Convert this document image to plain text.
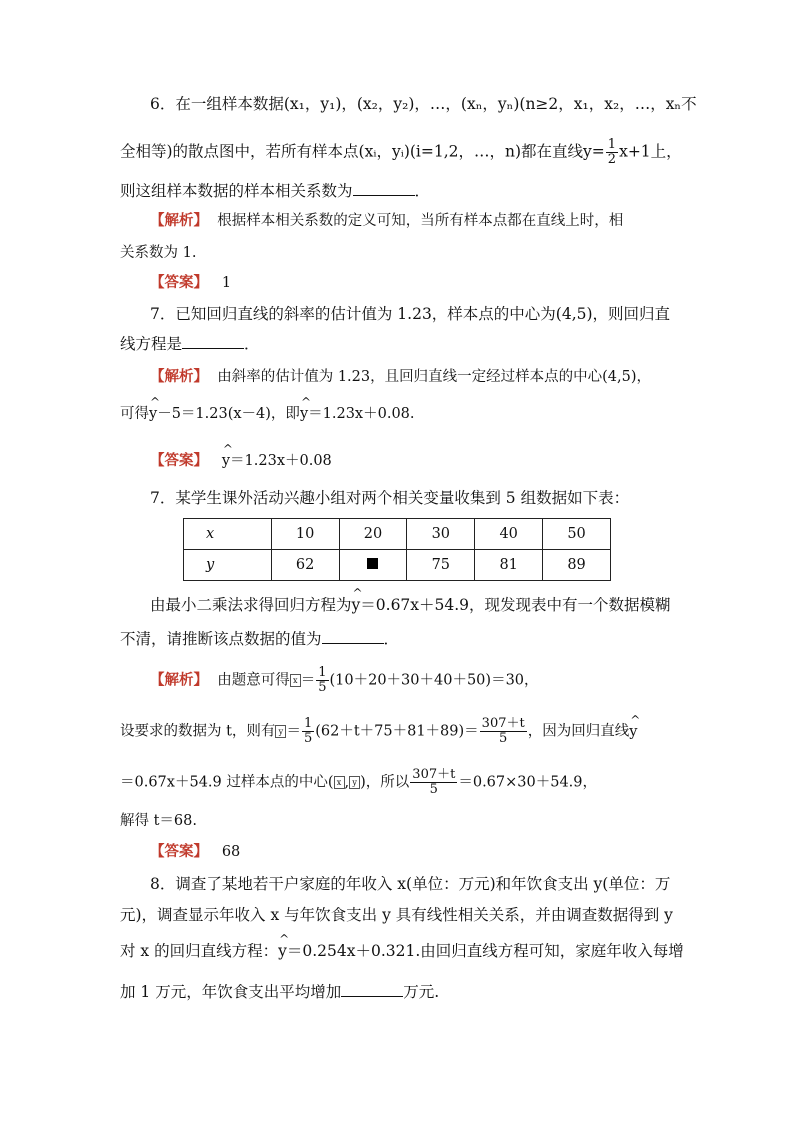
6．在一组样本数据(x₁，y₁)，(x₂，y₂)，…，(xₙ，yₙ)(n≥2，x₁，x₂，…，xₙ不
全相等)的散点图中，若所有样本点(xᵢ，yᵢ)(i=1,2，…，n)都在直线$y= \frac{1}{2} x+1$上，
则这组样本数据的样本相关系数为	．
【解析】 根据样本相关系数的定义可知，当所有样本点都在直线上时，相
关系数为 1.
【答案】 1
7．已知回归直线的斜率的估计值为 1.23，样本点的中心为(4,5)，则回归直
线方程是	．
【解析】 由斜率的估计值为 1.23，且回归直线一定经过样本点的中心(4,5)，
可得^ y－5＝1.23(x－4)，即^ y＝1.23x＋0.08.
【答案】 ^ y＝1.23x＋0.08
7．某学生课外活动兴趣小组对两个相关变量收集到 5 组数据如下表：
x	10	20	30	40	50
y	62		75	81	89
由最小二乘法求得回归方程为^ y＝0.67x＋54.9，现发现表中有一个数据模糊
不清，请推断该点数据的值为	．
【解析】 由题意可得 $x = \frac{1}{5} (10+20+30+40+50)=30$，
设要求的数据为 t，则有 $y = \frac{1}{5} (62+t+75+81+89)= \frac{307+t}{5}$ ，因为回归直线^ y
＝0.67x＋54.9 过样本点的中心( x , y )，所以 $\frac{307+t}{5} =0.67\times 30+54.9$，
解得 t＝68.
【答案】 68
8．调查了某地若干户家庭的年收入 x(单位：万元)和年饮食支出 y(单位：万
元)，调查显示年收入 x 与年饮食支出 y 具有线性相关关系，并由调查数据得到 y
对 x 的回归直线方程：^ y＝0.254x＋0.321.由回归直线方程可知，家庭年收入每增
加 1 万元，年饮食支出平均增加	万元.
